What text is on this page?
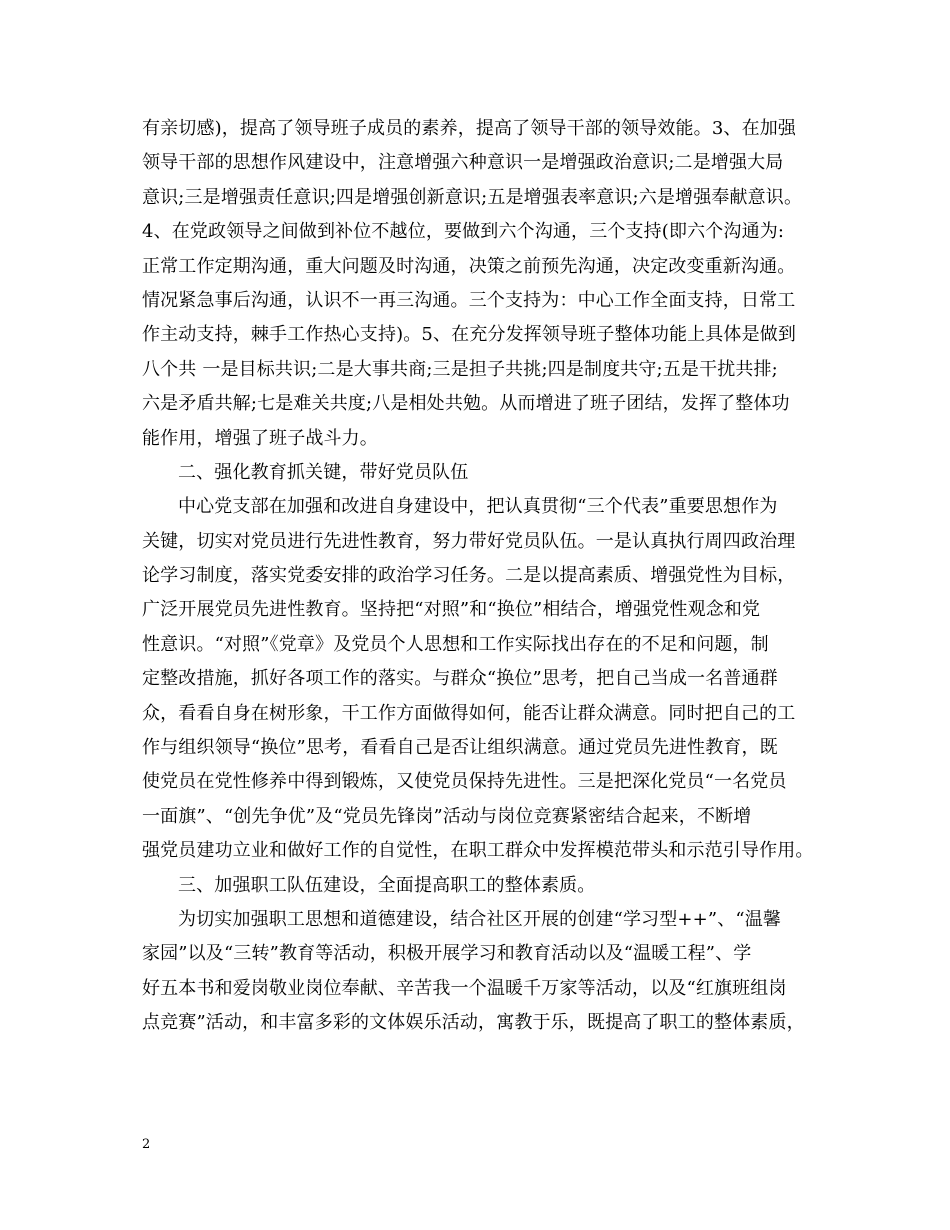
有亲切感)，提高了领导班子成员的素养，提高了领导干部的领导效能。3、在加强
领导干部的思想作风建设中，注意增强六种意识一是增强政治意识;二是增强大局
意识;三是增强责任意识;四是增强创新意识;五是增强表率意识;六是增强奉献意识。
4、在党政领导之间做到补位不越位，要做到六个沟通，三个支持(即六个沟通为:
正常工作定期沟通，重大问题及时沟通，决策之前预先沟通，决定改变重新沟通。
情况紧急事后沟通，认识不一再三沟通。三个支持为：中心工作全面支持，日常工
作主动支持，棘手工作热心支持)。5、在充分发挥领导班子整体功能上具体是做到
八个共 一是目标共识;二是大事共商;三是担子共挑;四是制度共守;五是干扰共排;
六是矛盾共解;七是难关共度;八是相处共勉。从而增进了班子团结，发挥了整体功
能作用，增强了班子战斗力。
二、强化教育抓关键，带好党员队伍
中心党支部在加强和改进自身建设中，把认真贯彻“三个代表”重要思想作为
关键，切实对党员进行先进性教育，努力带好党员队伍。一是认真执行周四政治理
论学习制度，落实党委安排的政治学习任务。二是以提高素质、增强党性为目标，
广泛开展党员先进性教育。坚持把“对照”和“换位”相结合，增强党性观念和党
性意识。“对照”《党章》及党员个人思想和工作实际找出存在的不足和问题，制
定整改措施，抓好各项工作的落实。与群众“换位”思考，把自己当成一名普通群
众，看看自身在树形象，干工作方面做得如何，能否让群众满意。同时把自己的工
作与组织领导“换位”思考，看看自己是否让组织满意。通过党员先进性教育，既
使党员在党性修养中得到锻炼，又使党员保持先进性。三是把深化党员“一名党员
一面旗”、“创先争优”及“党员先锋岗”活动与岗位竞赛紧密结合起来，不断增
强党员建功立业和做好工作的自觉性，在职工群众中发挥模范带头和示范引导作用。
三、加强职工队伍建设，全面提高职工的整体素质。
为切实加强职工思想和道德建设，结合社区开展的创建“学习型++”、“温馨
家园”以及“三转”教育等活动，积极开展学习和教育活动以及“温暖工程”、学
好五本书和爱岗敬业岗位奉献、辛苦我一个温暖千万家等活动，以及“红旗班组岗
点竞赛”活动，和丰富多彩的文体娱乐活动，寓教于乐，既提高了职工的整体素质，
2
